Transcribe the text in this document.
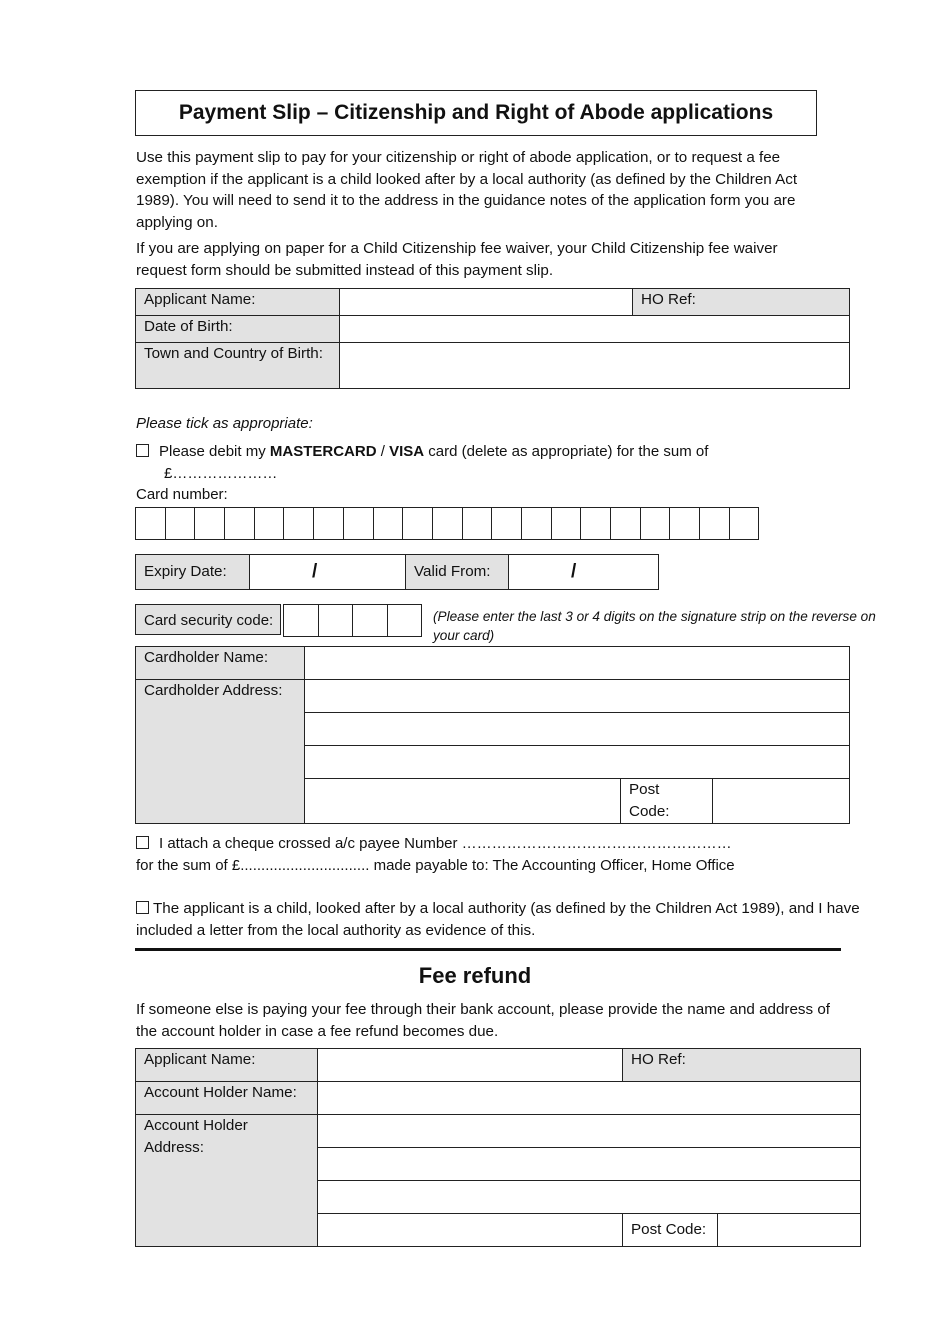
Payment Slip – Citizenship and Right of Abode applications
Use this payment slip to pay for your citizenship or right of abode application, or to request a fee exemption if the applicant is a child looked after by a local authority (as defined by the Children Act 1989). You will need to send it to the address in the guidance notes of the application form you are applying on.
If you are applying on paper for a Child Citizenship fee waiver, your Child Citizenship fee waiver request form should be submitted instead of this payment slip.
Applicant Name:		HO Ref:
Date of Birth:		
Town and Country of Birth:		
Please tick as appropriate:
Please debit my MASTERCARD / VISA card (delete as appropriate) for the sum of
£…………………
Card number:
Expiry Date:	/	Valid From:	/
Card security code:	(Please enter the last 3 or 4 digits on the signature strip on the reverse on your card)
Cardholder Name:			
Cardholder Address:			

		Post Code:	
I attach a cheque crossed a/c payee Number ………………………………………………
for the sum of £............................... made payable to: The Accounting Officer, Home Office
The applicant is a child, looked after by a local authority (as defined by the Children Act 1989), and I have included a letter from the local authority as evidence of this.
Fee refund
If someone else is paying your fee through their bank account, please provide the name and address of the account holder in case a fee refund becomes due.
Applicant Name:		HO Ref:	
Account Holder Name:			
Account Holder Address:			

		Post Code:	
